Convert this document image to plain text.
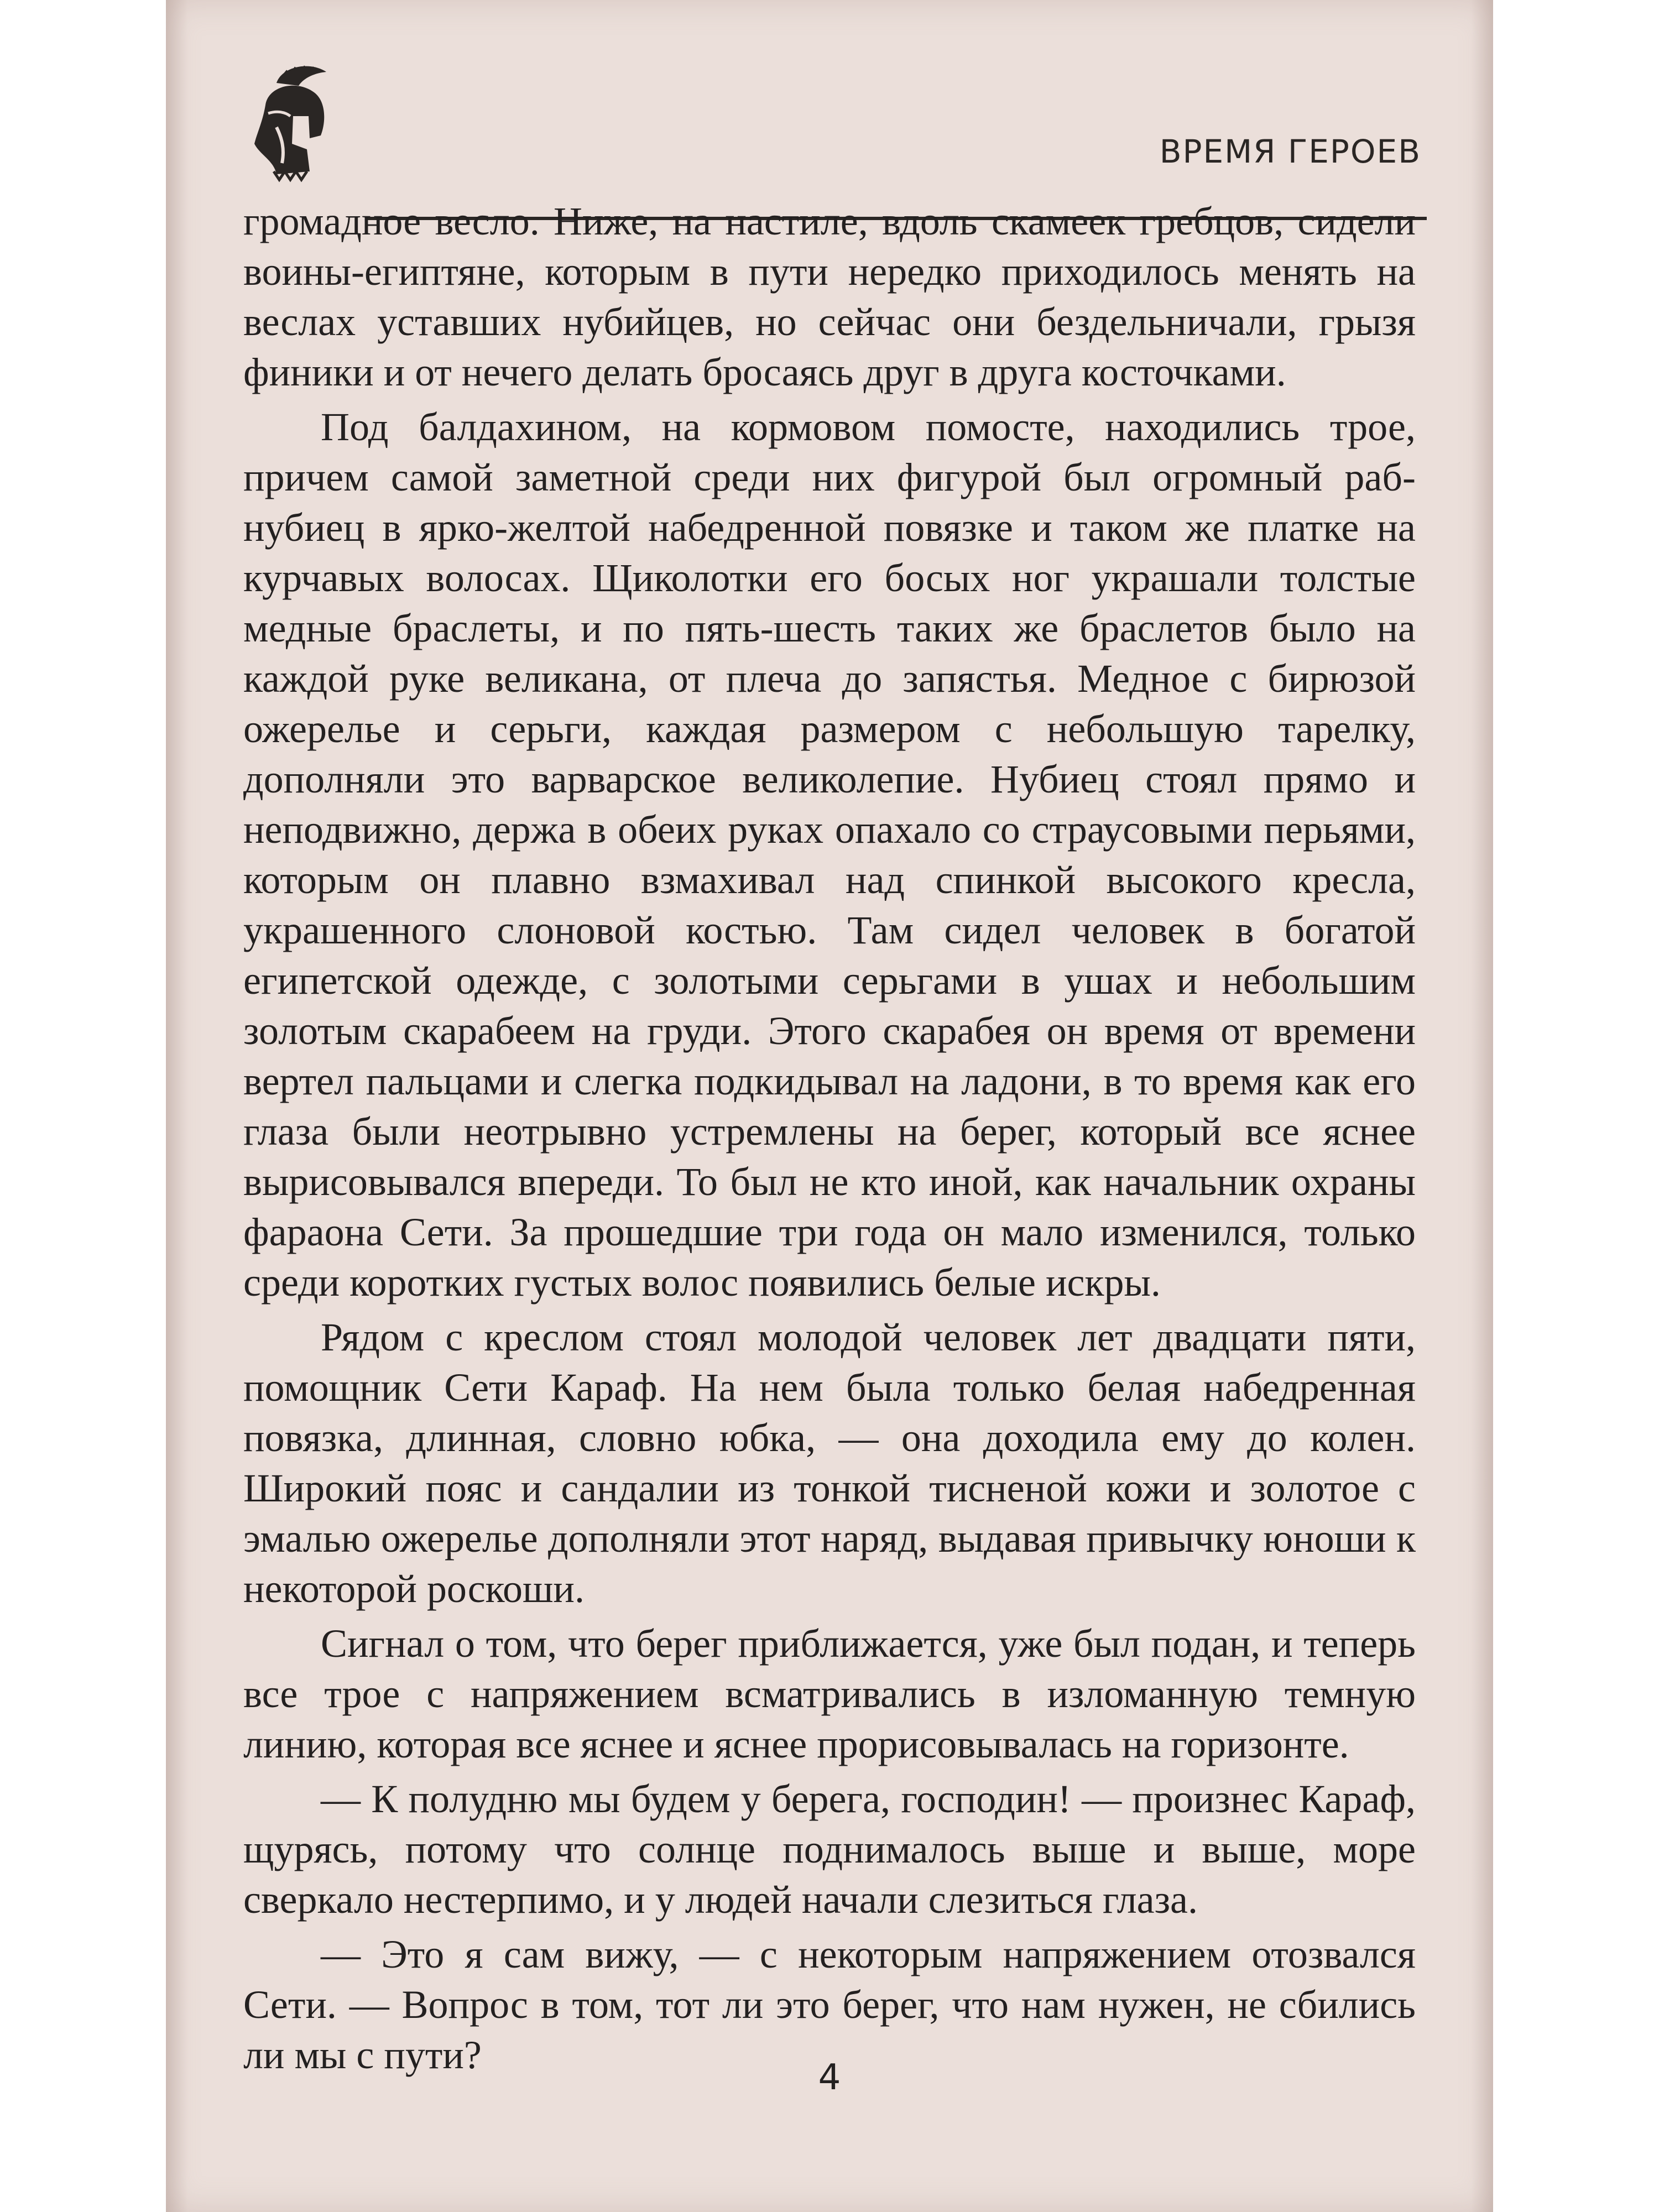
ВРЕМЯ ГЕРОЕВ

громадное весло. Ниже, на настиле, вдоль скамеек гребцов, сидели воины-египтяне, которым в пути нередко приходилось менять на веслах уставших нубийцев, но сейчас они бездельничали, грызя финики и от нечего делать бросаясь друг в друга косточками.

Под балдахином, на кормовом помосте, находились трое, причем самой заметной среди них фигурой был огромный раб-нубиец в ярко-желтой набедренной повязке и таком же платке на курчавых волосах. Щиколотки его босых ног украшали толстые медные браслеты, и по пять-шесть таких же браслетов было на каждой руке великана, от плеча до запястья. Медное с бирюзой ожерелье и серьги, каждая размером с небольшую тарелку, дополняли это варварское великолепие. Нубиец стоял прямо и неподвижно, держа в обеих руках опахало со страусовыми перьями, которым он плавно взмахивал над спинкой высокого кресла, украшенного слоновой костью. Там сидел человек в богатой египетской одежде, с золотыми серьгами в ушах и небольшим золотым скарабеем на груди. Этого скарабея он время от времени вертел пальцами и слегка подкидывал на ладони, в то время как его глаза были неотрывно устремлены на берег, который все яснее вырисовывался впереди. То был не кто иной, как начальник охраны фараона Сети. За прошедшие три года он мало изменился, только среди коротких густых волос появились белые искры.

Рядом с креслом стоял молодой человек лет двадцати пяти, помощник Сети Караф. На нем была только белая набедренная повязка, длинная, словно юбка, — она доходила ему до колен. Широкий пояс и сандалии из тонкой тисненой кожи и золотое с эмалью ожерелье дополняли этот наряд, выдавая привычку юноши к некоторой роскоши.

Сигнал о том, что берег приближается, уже был подан, и теперь все трое с напряжением всматривались в изломанную темную линию, которая все яснее и яснее прорисовывалась на горизонте.

— К полудню мы будем у берега, господин! — произнес Караф, щурясь, потому что солнце поднималось выше и выше, море сверкало нестерпимо, и у людей начали слезиться глаза.

— Это я сам вижу, — с некоторым напряжением отозвался Сети. — Вопрос в том, тот ли это берег, что нам нужен, не сбились ли мы с пути?

4
